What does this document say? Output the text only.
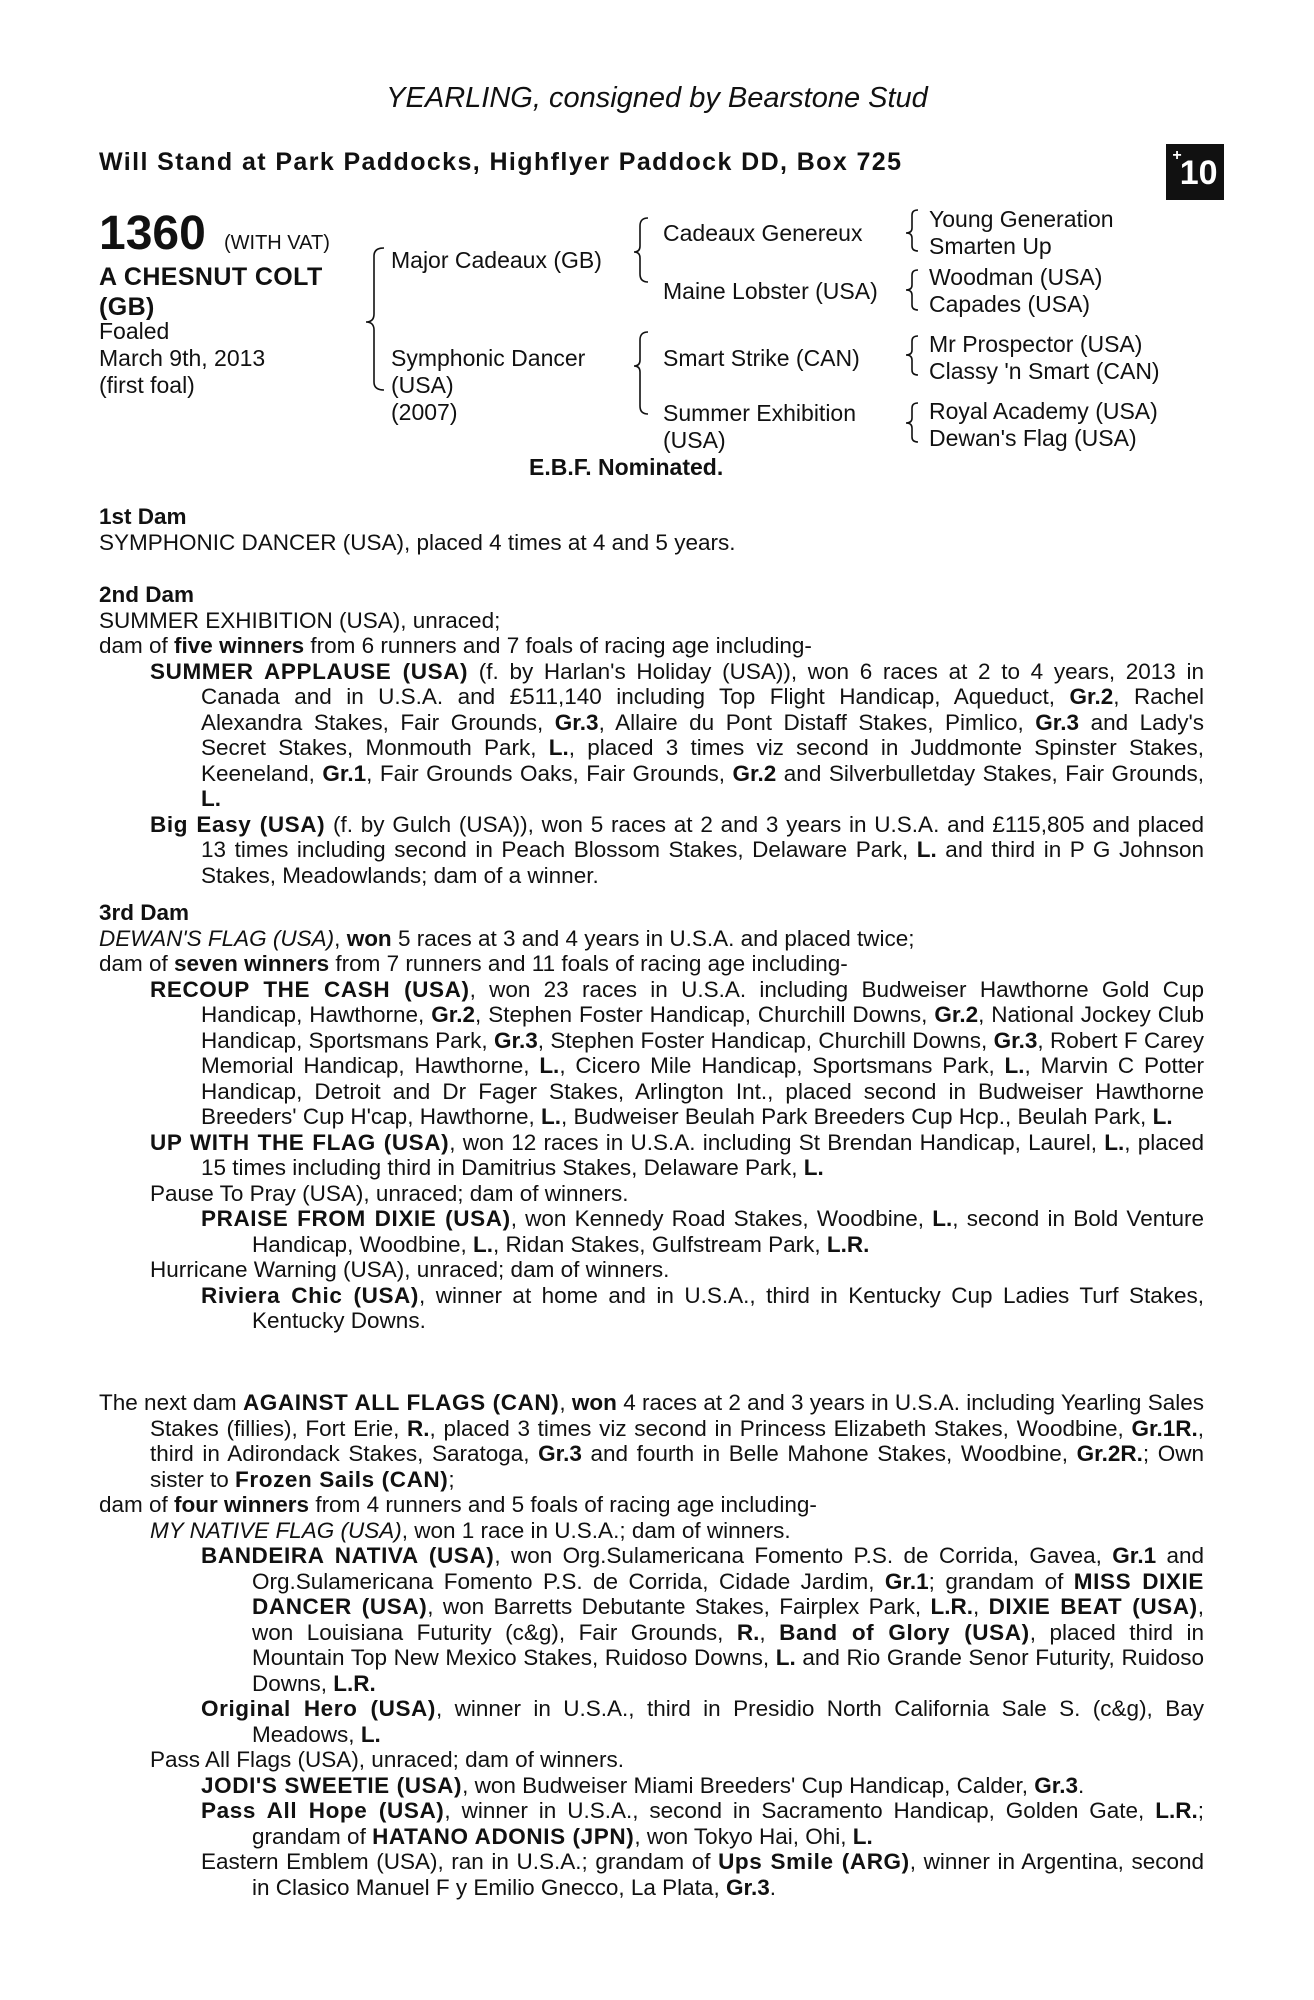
YEARLING, consigned by Bearstone Stud
Will Stand at Park Paddocks, Highflyer Paddock DD, Box 725	+10
1360 (WITH VAT)
A CHESNUT COLT
(GB)
Foaled
March 9th, 2013
(first foal)
Major Cadeaux (GB)
Symphonic Dancer
(USA)
(2007)
Cadeaux Genereux
Maine Lobster (USA)
Smart Strike (CAN)
Summer Exhibition
(USA)
Young Generation
Smarten Up
Woodman (USA)
Capades (USA)
Mr Prospector (USA)
Classy 'n Smart (CAN)
Royal Academy (USA)
Dewan's Flag (USA)
E.B.F. Nominated.

1st Dam

SYMPHONIC DANCER (USA), placed 4 times at 4 and 5 years.

2nd Dam

SUMMER EXHIBITION (USA), unraced;

dam of five winners from 6 runners and 7 foals of racing age including-

SUMMER APPLAUSE (USA) (f. by Harlan's Holiday (USA)), won 6 races at 2 to 4 years, 2013 in Canada and in U.S.A. and £511,140 including Top Flight Handicap, Aqueduct, Gr.2, Rachel Alexandra Stakes, Fair Grounds, Gr.3, Allaire du Pont Distaff Stakes, Pimlico, Gr.3 and Lady's Secret Stakes, Monmouth Park, L., placed 3 times viz second in Juddmonte Spinster Stakes, Keeneland, Gr.1, Fair Grounds Oaks, Fair Grounds, Gr.2 and Silverbulletday Stakes, Fair Grounds, L.

Big Easy (USA) (f. by Gulch (USA)), won 5 races at 2 and 3 years in U.S.A. and £115,805 and placed 13 times including second in Peach Blossom Stakes, Delaware Park, L. and third in P G Johnson Stakes, Meadowlands; dam of a winner.

3rd Dam

DEWAN'S FLAG (USA), won 5 races at 3 and 4 years in U.S.A. and placed twice;

dam of seven winners from 7 runners and 11 foals of racing age including-

RECOUP THE CASH (USA), won 23 races in U.S.A. including Budweiser Hawthorne Gold Cup Handicap, Hawthorne, Gr.2, Stephen Foster Handicap, Churchill Downs, Gr.2, National Jockey Club Handicap, Sportsmans Park, Gr.3, Stephen Foster Handicap, Churchill Downs, Gr.3, Robert F Carey Memorial Handicap, Hawthorne, L., Cicero Mile Handicap, Sportsmans Park, L., Marvin C Potter Handicap, Detroit and Dr Fager Stakes, Arlington Int., placed second in Budweiser Hawthorne Breeders' Cup H'cap, Hawthorne, L., Budweiser Beulah Park Breeders Cup Hcp., Beulah Park, L.

UP WITH THE FLAG (USA), won 12 races in U.S.A. including St Brendan Handicap, Laurel, L., placed 15 times including third in Damitrius Stakes, Delaware Park, L.

Pause To Pray (USA), unraced; dam of winners.

PRAISE FROM DIXIE (USA), won Kennedy Road Stakes, Woodbine, L., second in Bold Venture Handicap, Woodbine, L., Ridan Stakes, Gulfstream Park, L.R.

Hurricane Warning (USA), unraced; dam of winners.

Riviera Chic (USA), winner at home and in U.S.A., third in Kentucky Cup Ladies Turf Stakes, Kentucky Downs.

The next dam AGAINST ALL FLAGS (CAN), won 4 races at 2 and 3 years in U.S.A. including Yearling Sales Stakes (fillies), Fort Erie, R., placed 3 times viz second in Princess Elizabeth Stakes, Woodbine, Gr.1R., third in Adirondack Stakes, Saratoga, Gr.3 and fourth in Belle Mahone Stakes, Woodbine, Gr.2R.; Own sister to Frozen Sails (CAN);

dam of four winners from 4 runners and 5 foals of racing age including-

MY NATIVE FLAG (USA), won 1 race in U.S.A.; dam of winners.

BANDEIRA NATIVA (USA), won Org.Sulamericana Fomento P.S. de Corrida, Gavea, Gr.1 and Org.Sulamericana Fomento P.S. de Corrida, Cidade Jardim, Gr.1; grandam of MISS DIXIE DANCER (USA), won Barretts Debutante Stakes, Fairplex Park, L.R., DIXIE BEAT (USA), won Louisiana Futurity (c&g), Fair Grounds, R., Band of Glory (USA), placed third in Mountain Top New Mexico Stakes, Ruidoso Downs, L. and Rio Grande Senor Futurity, Ruidoso Downs, L.R.

Original Hero (USA), winner in U.S.A., third in Presidio North California Sale S. (c&g), Bay Meadows, L.

Pass All Flags (USA), unraced; dam of winners.

JODI'S SWEETIE (USA), won Budweiser Miami Breeders' Cup Handicap, Calder, Gr.3.

Pass All Hope (USA), winner in U.S.A., second in Sacramento Handicap, Golden Gate, L.R.; grandam of HATANO ADONIS (JPN), won Tokyo Hai, Ohi, L.

Eastern Emblem (USA), ran in U.S.A.; grandam of Ups Smile (ARG), winner in Argentina, second in Clasico Manuel F y Emilio Gnecco, La Plata, Gr.3.
